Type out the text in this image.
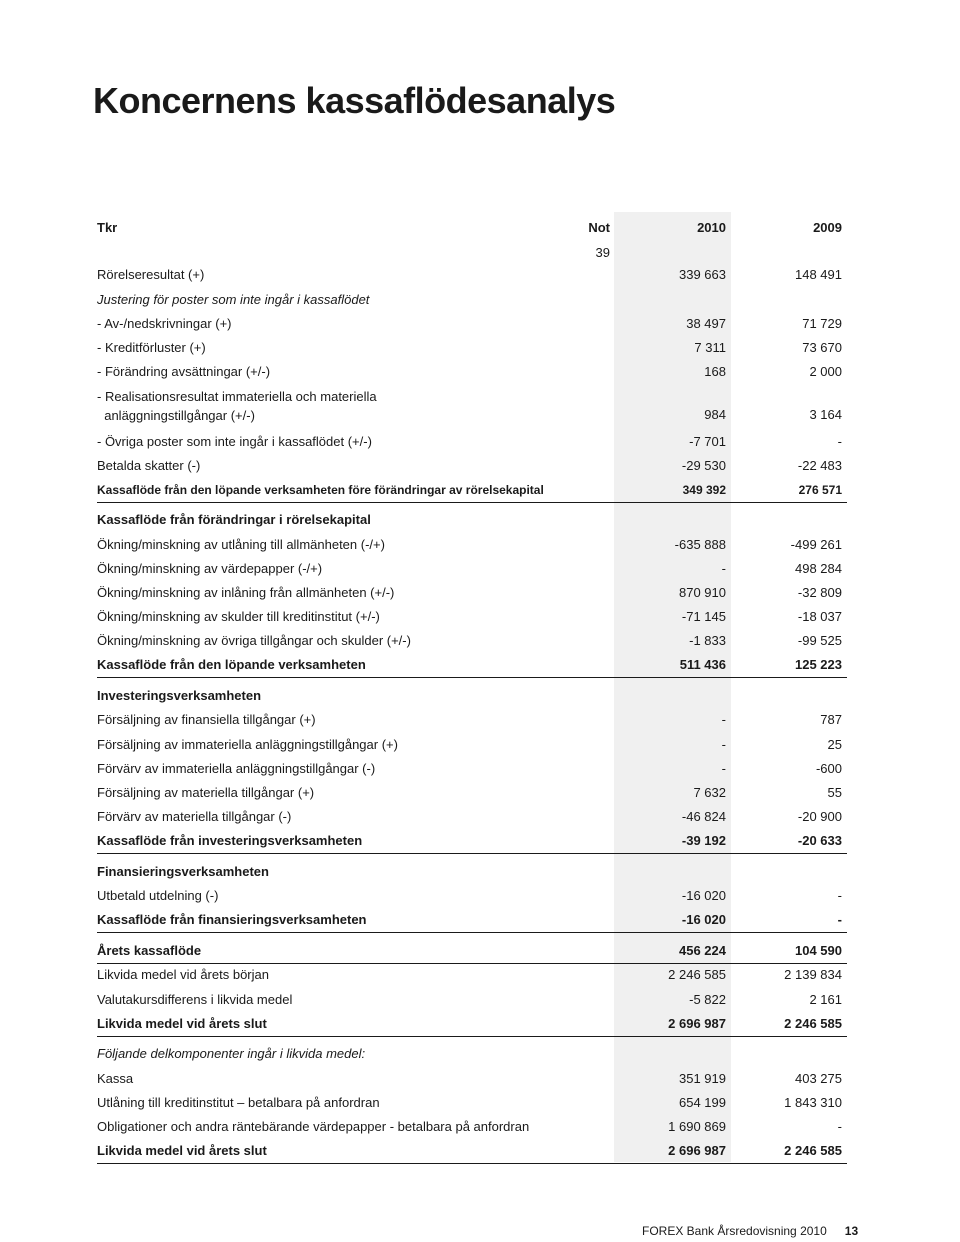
Koncernens kassaflödesanalys
Tkr	Not	2010	2009
39
Rörelseresultat (+)	339 663	148 491
Justering för poster som inte ingår i kassaflödet
- Av-/nedskrivningar (+)	38 497	71 729
- Kreditförluster (+)	7 311	73 670
- Förändring avsättningar (+/-)	168	2 000
- Realisationsresultat immateriella och materiella
anläggningstillgångar (+/-)	984	3 164
- Övriga poster som inte ingår i kassaflödet (+/-)	-7 701	-
Betalda skatter (-)	-29 530	-22 483
Kassaflöde från den löpande verksamheten före förändringar av rörelsekapital	349 392	276 571
Kassaflöde från förändringar i rörelsekapital
Ökning/minskning av utlåning till allmänheten (-/+)	-635 888	-499 261
Ökning/minskning av värdepapper (-/+)	-	498 284
Ökning/minskning av inlåning från allmänheten (+/-)	870 910	-32 809
Ökning/minskning av skulder till kreditinstitut (+/-)	-71 145	-18 037
Ökning/minskning av övriga tillgångar och skulder (+/-)	-1 833	-99 525
Kassaflöde från den löpande verksamheten	511 436	125 223
Investeringsverksamheten
Försäljning av finansiella tillgångar (+)	-	787
Försäljning av immateriella anläggningstillgångar (+)	-	25
Förvärv av immateriella anläggningstillgångar (-)	-	-600
Försäljning av materiella tillgångar (+)	7 632	55
Förvärv av materiella tillgångar (-)	-46 824	-20 900
Kassaflöde från investeringsverksamheten	-39 192	-20 633
Finansieringsverksamheten
Utbetald utdelning (-)	-16 020	-
Kassaflöde från finansieringsverksamheten	-16 020	-
Årets kassaflöde	456 224	104 590
Likvida medel vid årets början	2 246 585	2 139 834
Valutakursdifferens i likvida medel	-5 822	2 161
Likvida medel vid årets slut	2 696 987	2 246 585
Följande delkomponenter ingår i likvida medel:
Kassa	351 919	403 275
Utlåning till kreditinstitut – betalbara på anfordran	654 199	1 843 310
Obligationer och andra räntebärande värdepapper - betalbara på anfordran	1 690 869	-
Likvida medel vid årets slut	2 696 987	2 246 585
FOREX Bank Årsredovisning 2010 13
